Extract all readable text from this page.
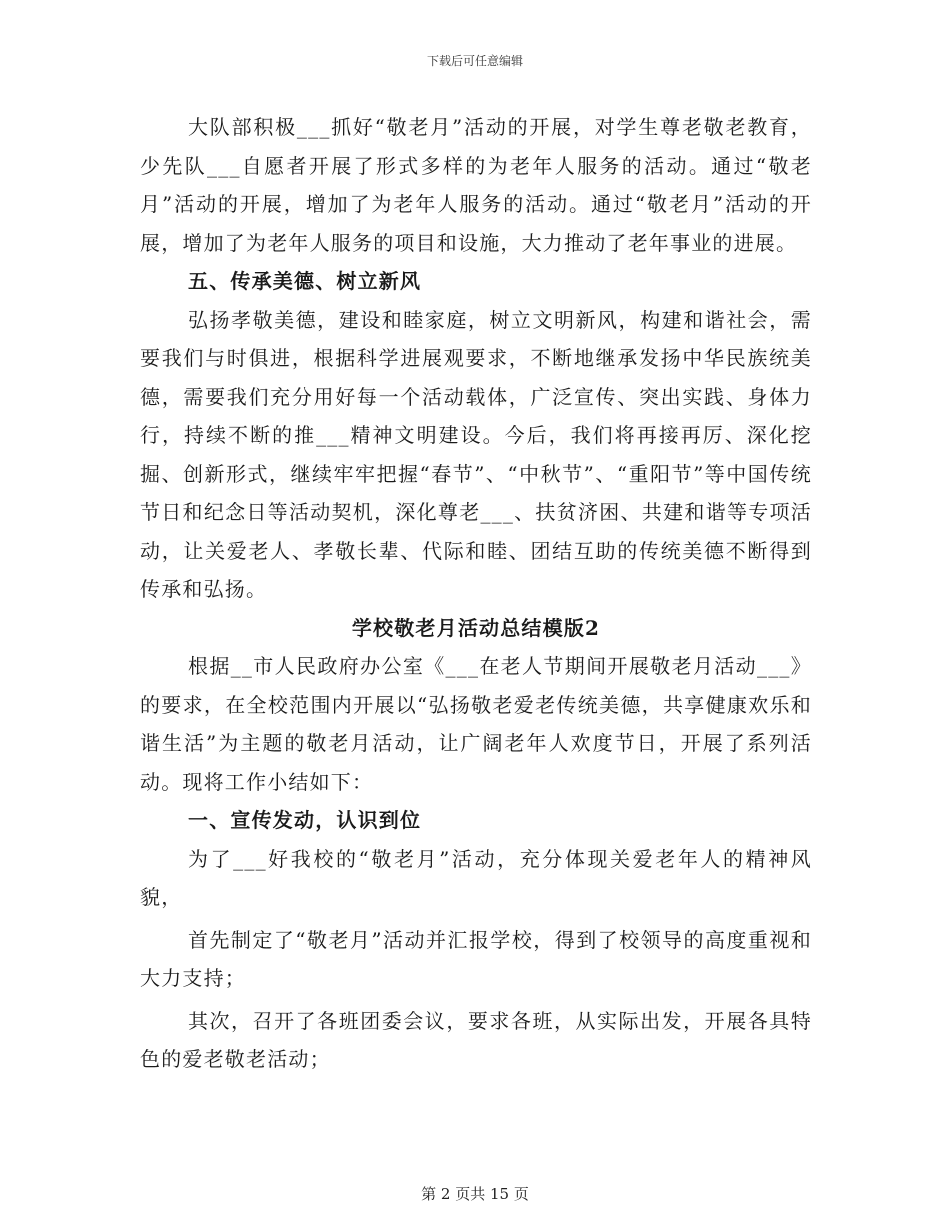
下载后可任意编辑

大队部积极___抓好“敬老月”活动的开展，对学生尊老敬老教育，少先队___自愿者开展了形式多样的为老年人服务的活动。通过“敬老月”活动的开展，增加了为老年人服务的活动。通过“敬老月”活动的开展，增加了为老年人服务的项目和设施，大力推动了老年事业的进展。

五、传承美德、树立新风

弘扬孝敬美德，建设和睦家庭，树立文明新风，构建和谐社会，需要我们与时俱进，根据科学进展观要求，不断地继承发扬中华民族统美德，需要我们充分用好每一个活动载体，广泛宣传、突出实践、身体力行，持续不断的推___精神文明建设。今后，我们将再接再厉、深化挖掘、创新形式，继续牢牢把握“春节”、“中秋节”、“重阳节”等中国传统节日和纪念日等活动契机，深化尊老___、扶贫济困、共建和谐等专项活动，让关爱老人、孝敬长辈、代际和睦、团结互助的传统美德不断得到传承和弘扬。

学校敬老月活动总结模版2

根据__市人民政府办公室《___在老人节期间开展敬老月活动___》的要求，在全校范围内开展以“弘扬敬老爱老传统美德，共享健康欢乐和谐生活”为主题的敬老月活动，让广阔老年人欢度节日，开展了系列活动。现将工作小结如下：

一、宣传发动，认识到位

为了___好我校的“敬老月”活动，充分体现关爱老年人的精神风貌，

首先制定了“敬老月”活动并汇报学校，得到了校领导的高度重视和大力支持；

其次，召开了各班团委会议，要求各班，从实际出发，开展各具特色的爱老敬老活动；

第 2 页共 15 页
